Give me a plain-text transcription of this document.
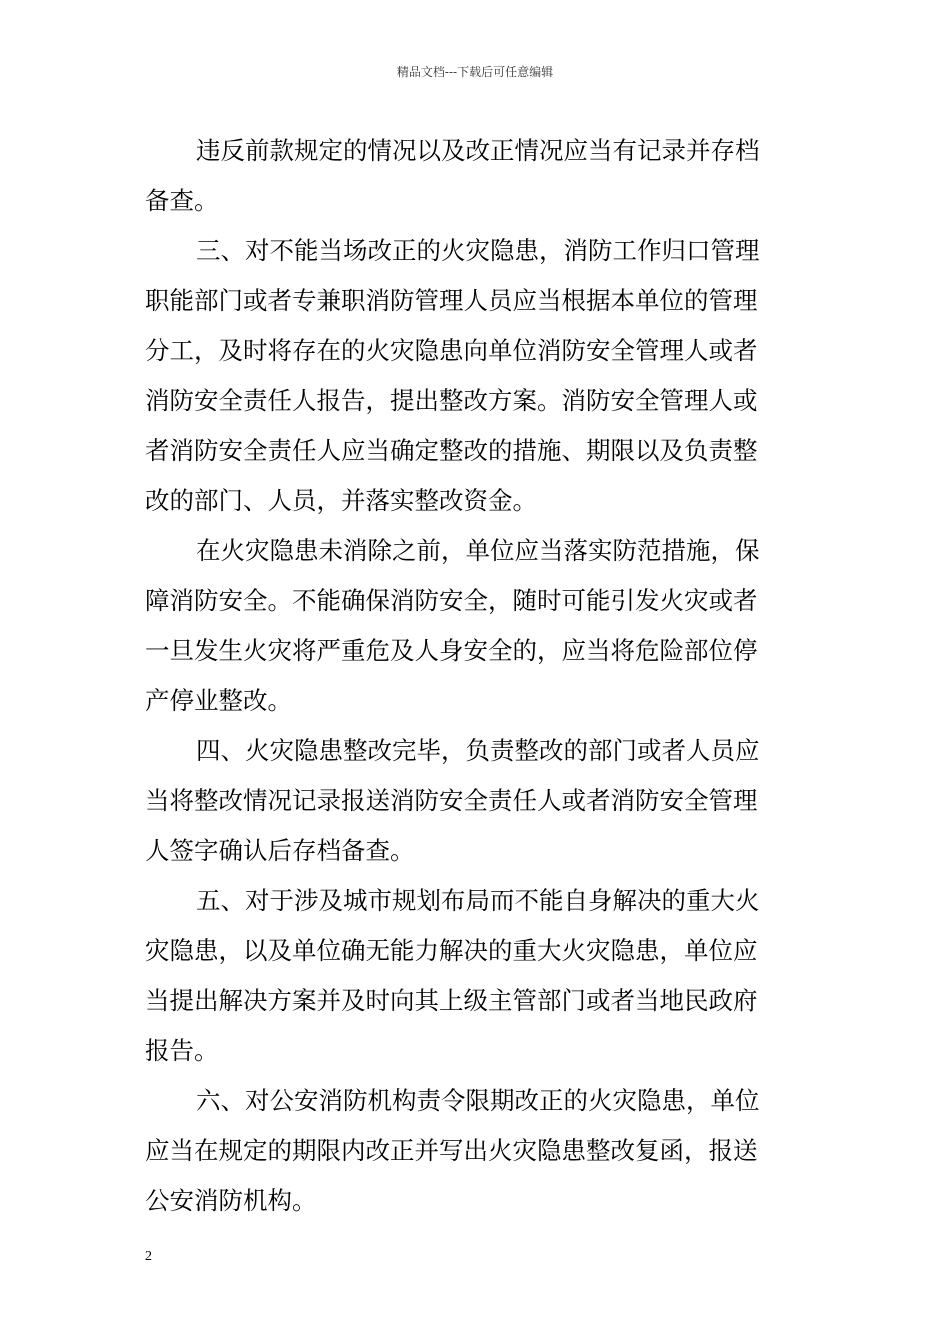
精品文档---下载后可任意编辑
违反前款规定的情况以及改正情况应当有记录并存档
备查。
三、对不能当场改正的火灾隐患，消防工作归口管理
职能部门或者专兼职消防管理人员应当根据本单位的管理
分工，及时将存在的火灾隐患向单位消防安全管理人或者
消防安全责任人报告，提出整改方案。消防安全管理人或
者消防安全责任人应当确定整改的措施、期限以及负责整
改的部门、人员，并落实整改资金。
在火灾隐患未消除之前，单位应当落实防范措施，保
障消防安全。不能确保消防安全，随时可能引发火灾或者
一旦发生火灾将严重危及人身安全的，应当将危险部位停
产停业整改。
四、火灾隐患整改完毕，负责整改的部门或者人员应
当将整改情况记录报送消防安全责任人或者消防安全管理
人签字确认后存档备查。
五、对于涉及城市规划布局而不能自身解决的重大火
灾隐患，以及单位确无能力解决的重大火灾隐患，单位应
当提出解决方案并及时向其上级主管部门或者当地民政府
报告。
六、对公安消防机构责令限期改正的火灾隐患，单位
应当在规定的期限内改正并写出火灾隐患整改复函，报送
公安消防机构。
2
